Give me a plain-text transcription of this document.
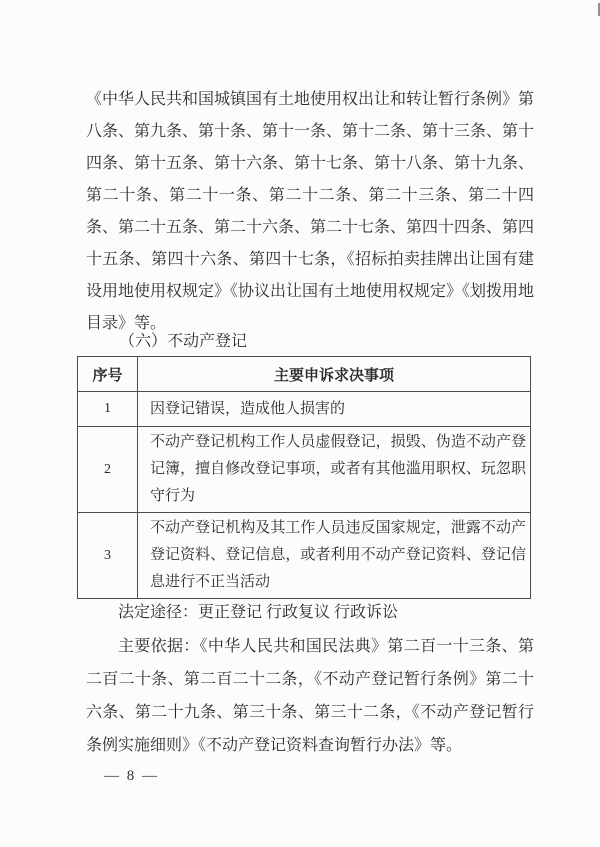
《中华人民共和国城镇国有土地使用权出让和转让暂行条例》第八条、第九条、第十条、第十一条、第十二条、第十三条、第十四条、第十五条、第十六条、第十七条、第十八条、第十九条、第二十条、第二十一条、第二十二条、第二十三条、第二十四条、第二十五条、第二十六条、第二十七条、第四十四条、第四十五条、第四十六条、第四十七条，《招标拍卖挂牌出让国有建设用地使用权规定》《协议出让国有土地使用权规定》《划拨用地目录》等。

（六）不动产登记

序号	主要申诉求决事项
1	因登记错误，造成他人损害的
2	不动产登记机构工作人员虚假登记，损毁、伪造不动产登记簿，擅自修改登记事项，或者有其他滥用职权、玩忽职守行为
3	不动产登记机构及其工作人员违反国家规定，泄露不动产登记资料、登记信息，或者利用不动产登记资料、登记信息进行不正当活动

法定途径：更正登记 行政复议 行政诉讼

主要依据：《中华人民共和国民法典》第二百一十三条、第二百二十条、第二百二十二条，《不动产登记暂行条例》第二十六条、第二十九条、第三十条、第三十二条，《不动产登记暂行条例实施细则》《不动产登记资料查询暂行办法》等。

— 8 —
